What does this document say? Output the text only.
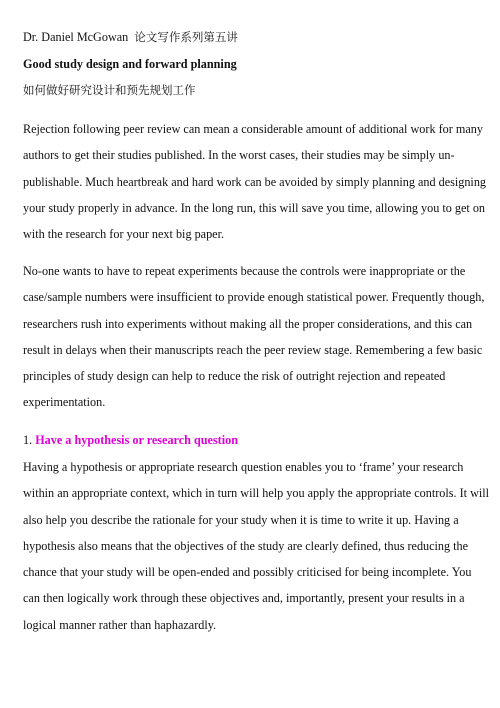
Dr. Daniel McGowan 论文写作系列第五讲
Good study design and forward planning
如何做好研究设计和预先规划工作
Rejection following peer review can mean a considerable amount of additional work for many
authors to get their studies published. In the worst cases, their studies may be simply un-
publishable. Much heartbreak and hard work can be avoided by simply planning and designing
your study properly in advance. In the long run, this will save you time, allowing you to get on
with the research for your next big paper.
No-one wants to have to repeat experiments because the controls were inappropriate or the
case/sample numbers were insufficient to provide enough statistical power. Frequently though,
researchers rush into experiments without making all the proper considerations, and this can
result in delays when their manuscripts reach the peer review stage. Remembering a few basic
principles of study design can help to reduce the risk of outright rejection and repeated
experimentation.
1. Have a hypothesis or research question
Having a hypothesis or appropriate research question enables you to ‘frame’ your research
within an appropriate context, which in turn will help you apply the appropriate controls. It will
also help you describe the rationale for your study when it is time to write it up. Having a
hypothesis also means that the objectives of the study are clearly defined, thus reducing the
chance that your study will be open-ended and possibly criticised for being incomplete. You
can then logically work through these objectives and, importantly, present your results in a
logical manner rather than haphazardly.
